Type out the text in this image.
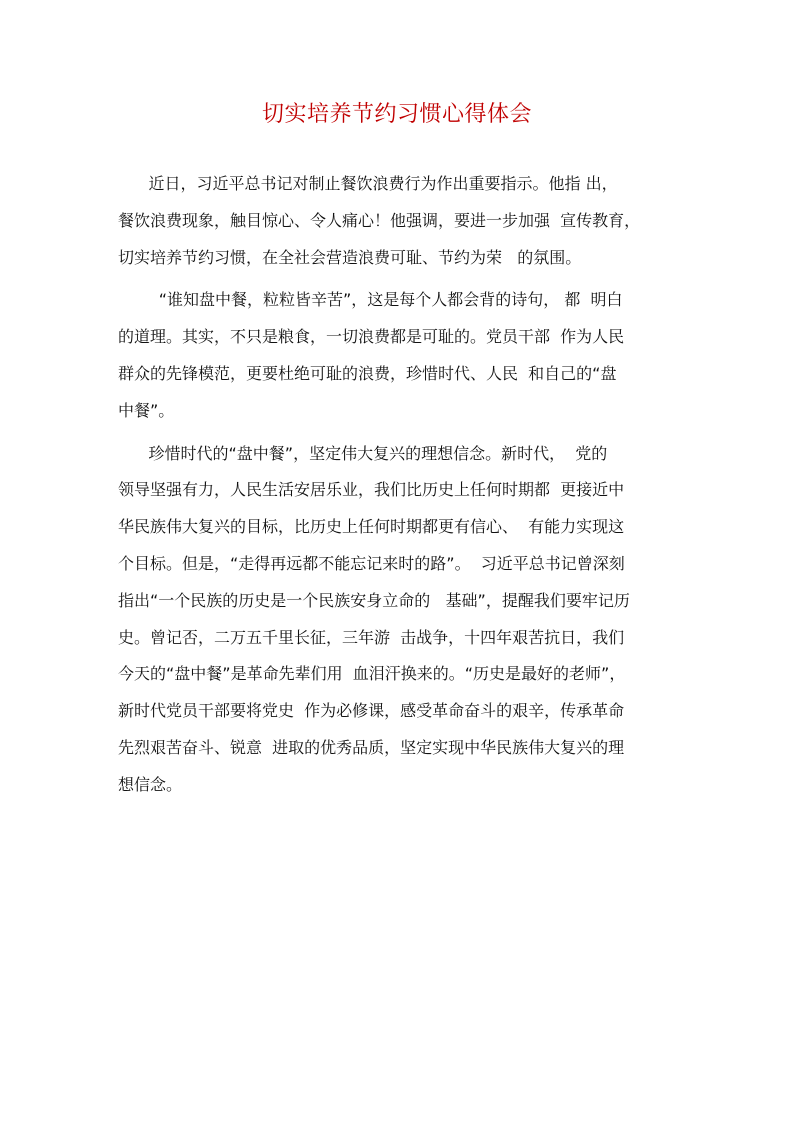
切实培养节约习惯心得体会

近日，习近平总书记对制止餐饮浪费行为作出重要指示。他指 出，
餐饮浪费现象，触目惊心、令人痛心！他强调，要进一步加强  宣传教育，
切实培养节约习惯，在全社会营造浪费可耻、节约为荣   的氛围。

“谁知盘中餐，粒粒皆辛苦”，这是每个人都会背的诗句， 都  明白
的道理。其实，不只是粮食，一切浪费都是可耻的。党员干部  作为人民
群众的先锋模范，更要杜绝可耻的浪费，珍惜时代、人民  和自己的“盘
中餐”。

珍惜时代的“盘中餐”，坚定伟大复兴的理想信念。新时代，  党的
领导坚强有力，人民生活安居乐业，我们比历史上任何时期都  更接近中
华民族伟大复兴的目标，比历史上任何时期都更有信心、  有能力实现这
个目标。但是，“走得再远都不能忘记来时的路”。  习近平总书记曾深刻
指出“一个民族的历史是一个民族安身立命的   基础”，提醒我们要牢记历
史。曾记否，二万五千里长征，三年游  击战争，十四年艰苦抗日，我们
今天的“盘中餐”是革命先辈们用  血泪汗换来的。“历史是最好的老师”，
新时代党员干部要将党史  作为必修课，感受革命奋斗的艰辛，传承革命
先烈艰苦奋斗、锐意  进取的优秀品质，坚定实现中华民族伟大复兴的理
想信念。
